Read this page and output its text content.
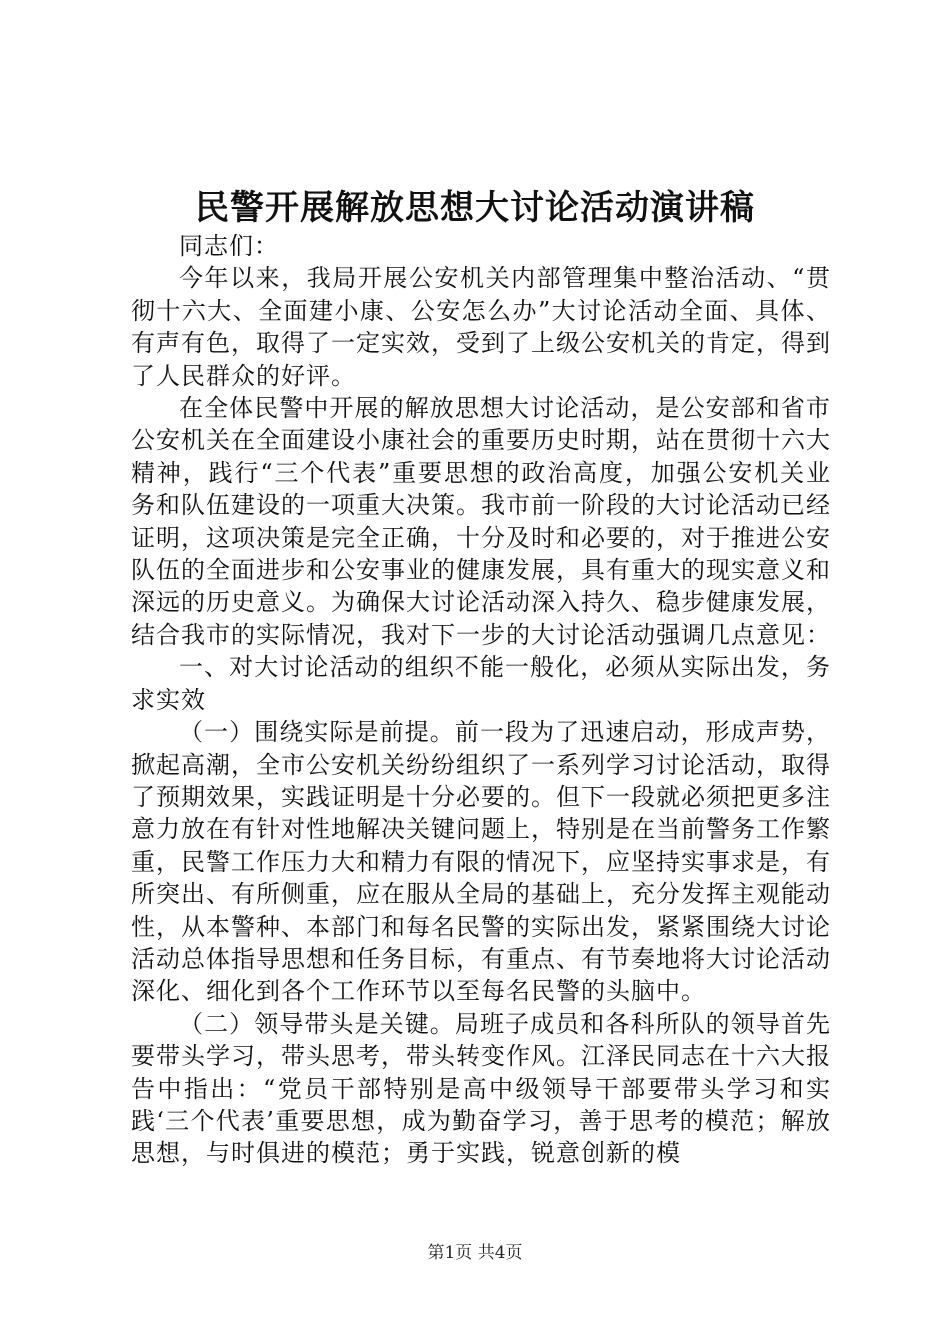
民警开展解放思想大讨论活动演讲稿

同志们：

今年以来，我局开展公安机关内部管理集中整治活动、“贯彻十六大、全面建小康、公安怎么办”大讨论活动全面、具体、有声有色，取得了一定实效，受到了上级公安机关的肯定，得到了人民群众的好评。

在全体民警中开展的解放思想大讨论活动，是公安部和省市公安机关在全面建设小康社会的重要历史时期，站在贯彻十六大精神，践行“三个代表”重要思想的政治高度，加强公安机关业务和队伍建设的一项重大决策。我市前一阶段的大讨论活动已经证明，这项决策是完全正确，十分及时和必要的，对于推进公安队伍的全面进步和公安事业的健康发展，具有重大的现实意义和深远的历史意义。为确保大讨论活动深入持久、稳步健康发展，结合我市的实际情况，我对下一步的大讨论活动强调几点意见：

一、对大讨论活动的组织不能一般化，必须从实际出发，务求实效

（一）围绕实际是前提。前一段为了迅速启动，形成声势，掀起高潮，全市公安机关纷纷组织了一系列学习讨论活动，取得了预期效果，实践证明是十分必要的。但下一段就必须把更多注意力放在有针对性地解决关键问题上，特别是在当前警务工作繁重，民警工作压力大和精力有限的情况下，应坚持实事求是，有所突出、有所侧重，应在服从全局的基础上，充分发挥主观能动性，从本警种、本部门和每名民警的实际出发，紧紧围绕大讨论活动总体指导思想和任务目标，有重点、有节奏地将大讨论活动深化、细化到各个工作环节以至每名民警的头脑中。

（二）领导带头是关键。局班子成员和各科所队的领导首先要带头学习，带头思考，带头转变作风。江泽民同志在十六大报告中指出：“党员干部特别是高中级领导干部要带头学习和实践‘三个代表’重要思想，成为勤奋学习，善于思考的模范；解放思想，与时俱进的模范；勇于实践，锐意创新的模

第1页 共4页
